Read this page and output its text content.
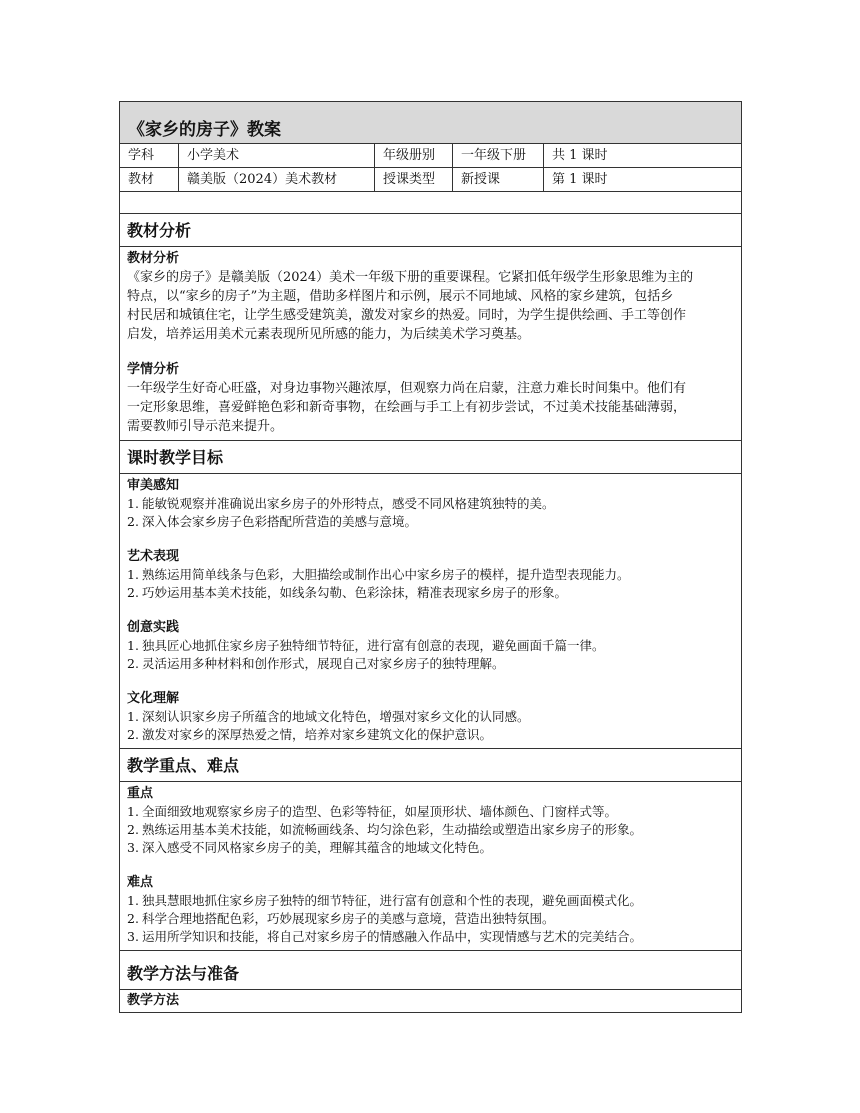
《家乡的房子》教案
学科	小学美术	年级册别	一年级下册	共 1 课时
教材	赣美版（2024）美术教材	授课类型	新授课	第 1 课时
教材分析
教材分析

《家乡的房子》是赣美版（2024）美术一年级下册的重要课程。它紧扣低年级学生形象思维为主的
特点，以“家乡的房子”为主题，借助多样图片和示例，展示不同地域、风格的家乡建筑，包括乡
村民居和城镇住宅，让学生感受建筑美，激发对家乡的热爱。同时，为学生提供绘画、手工等创作
启发，培养运用美术元素表现所见所感的能力，为后续美术学习奠基。

学情分析

一年级学生好奇心旺盛，对身边事物兴趣浓厚，但观察力尚在启蒙，注意力难长时间集中。他们有
一定形象思维，喜爱鲜艳色彩和新奇事物，在绘画与手工上有初步尝试，不过美术技能基础薄弱，
需要教师引导示范来提升。

课时教学目标
审美感知
1. 能敏锐观察并准确说出家乡房子的外形特点，感受不同风格建筑独特的美。
2. 深入体会家乡房子色彩搭配所营造的美感与意境。
艺术表现
1. 熟练运用简单线条与色彩，大胆描绘或制作出心中家乡房子的模样，提升造型表现能力。
2. 巧妙运用基本美术技能，如线条勾勒、色彩涂抹，精准表现家乡房子的形象。
创意实践
1. 独具匠心地抓住家乡房子独特细节特征，进行富有创意的表现，避免画面千篇一律。
2. 灵活运用多种材料和创作形式，展现自己对家乡房子的独特理解。
文化理解
1. 深刻认识家乡房子所蕴含的地域文化特色，增强对家乡文化的认同感。
2. 激发对家乡的深厚热爱之情，培养对家乡建筑文化的保护意识。
教学重点、难点
重点
1. 全面细致地观察家乡房子的造型、色彩等特征，如屋顶形状、墙体颜色、门窗样式等。
2. 熟练运用基本美术技能，如流畅画线条、均匀涂色彩，生动描绘或塑造出家乡房子的形象。
3. 深入感受不同风格家乡房子的美，理解其蕴含的地域文化特色。
难点
1. 独具慧眼地抓住家乡房子独特的细节特征，进行富有创意和个性的表现，避免画面模式化。
2. 科学合理地搭配色彩，巧妙展现家乡房子的美感与意境，营造出独特氛围。
3. 运用所学知识和技能，将自己对家乡房子的情感融入作品中，实现情感与艺术的完美结合。
教学方法与准备
教学方法
